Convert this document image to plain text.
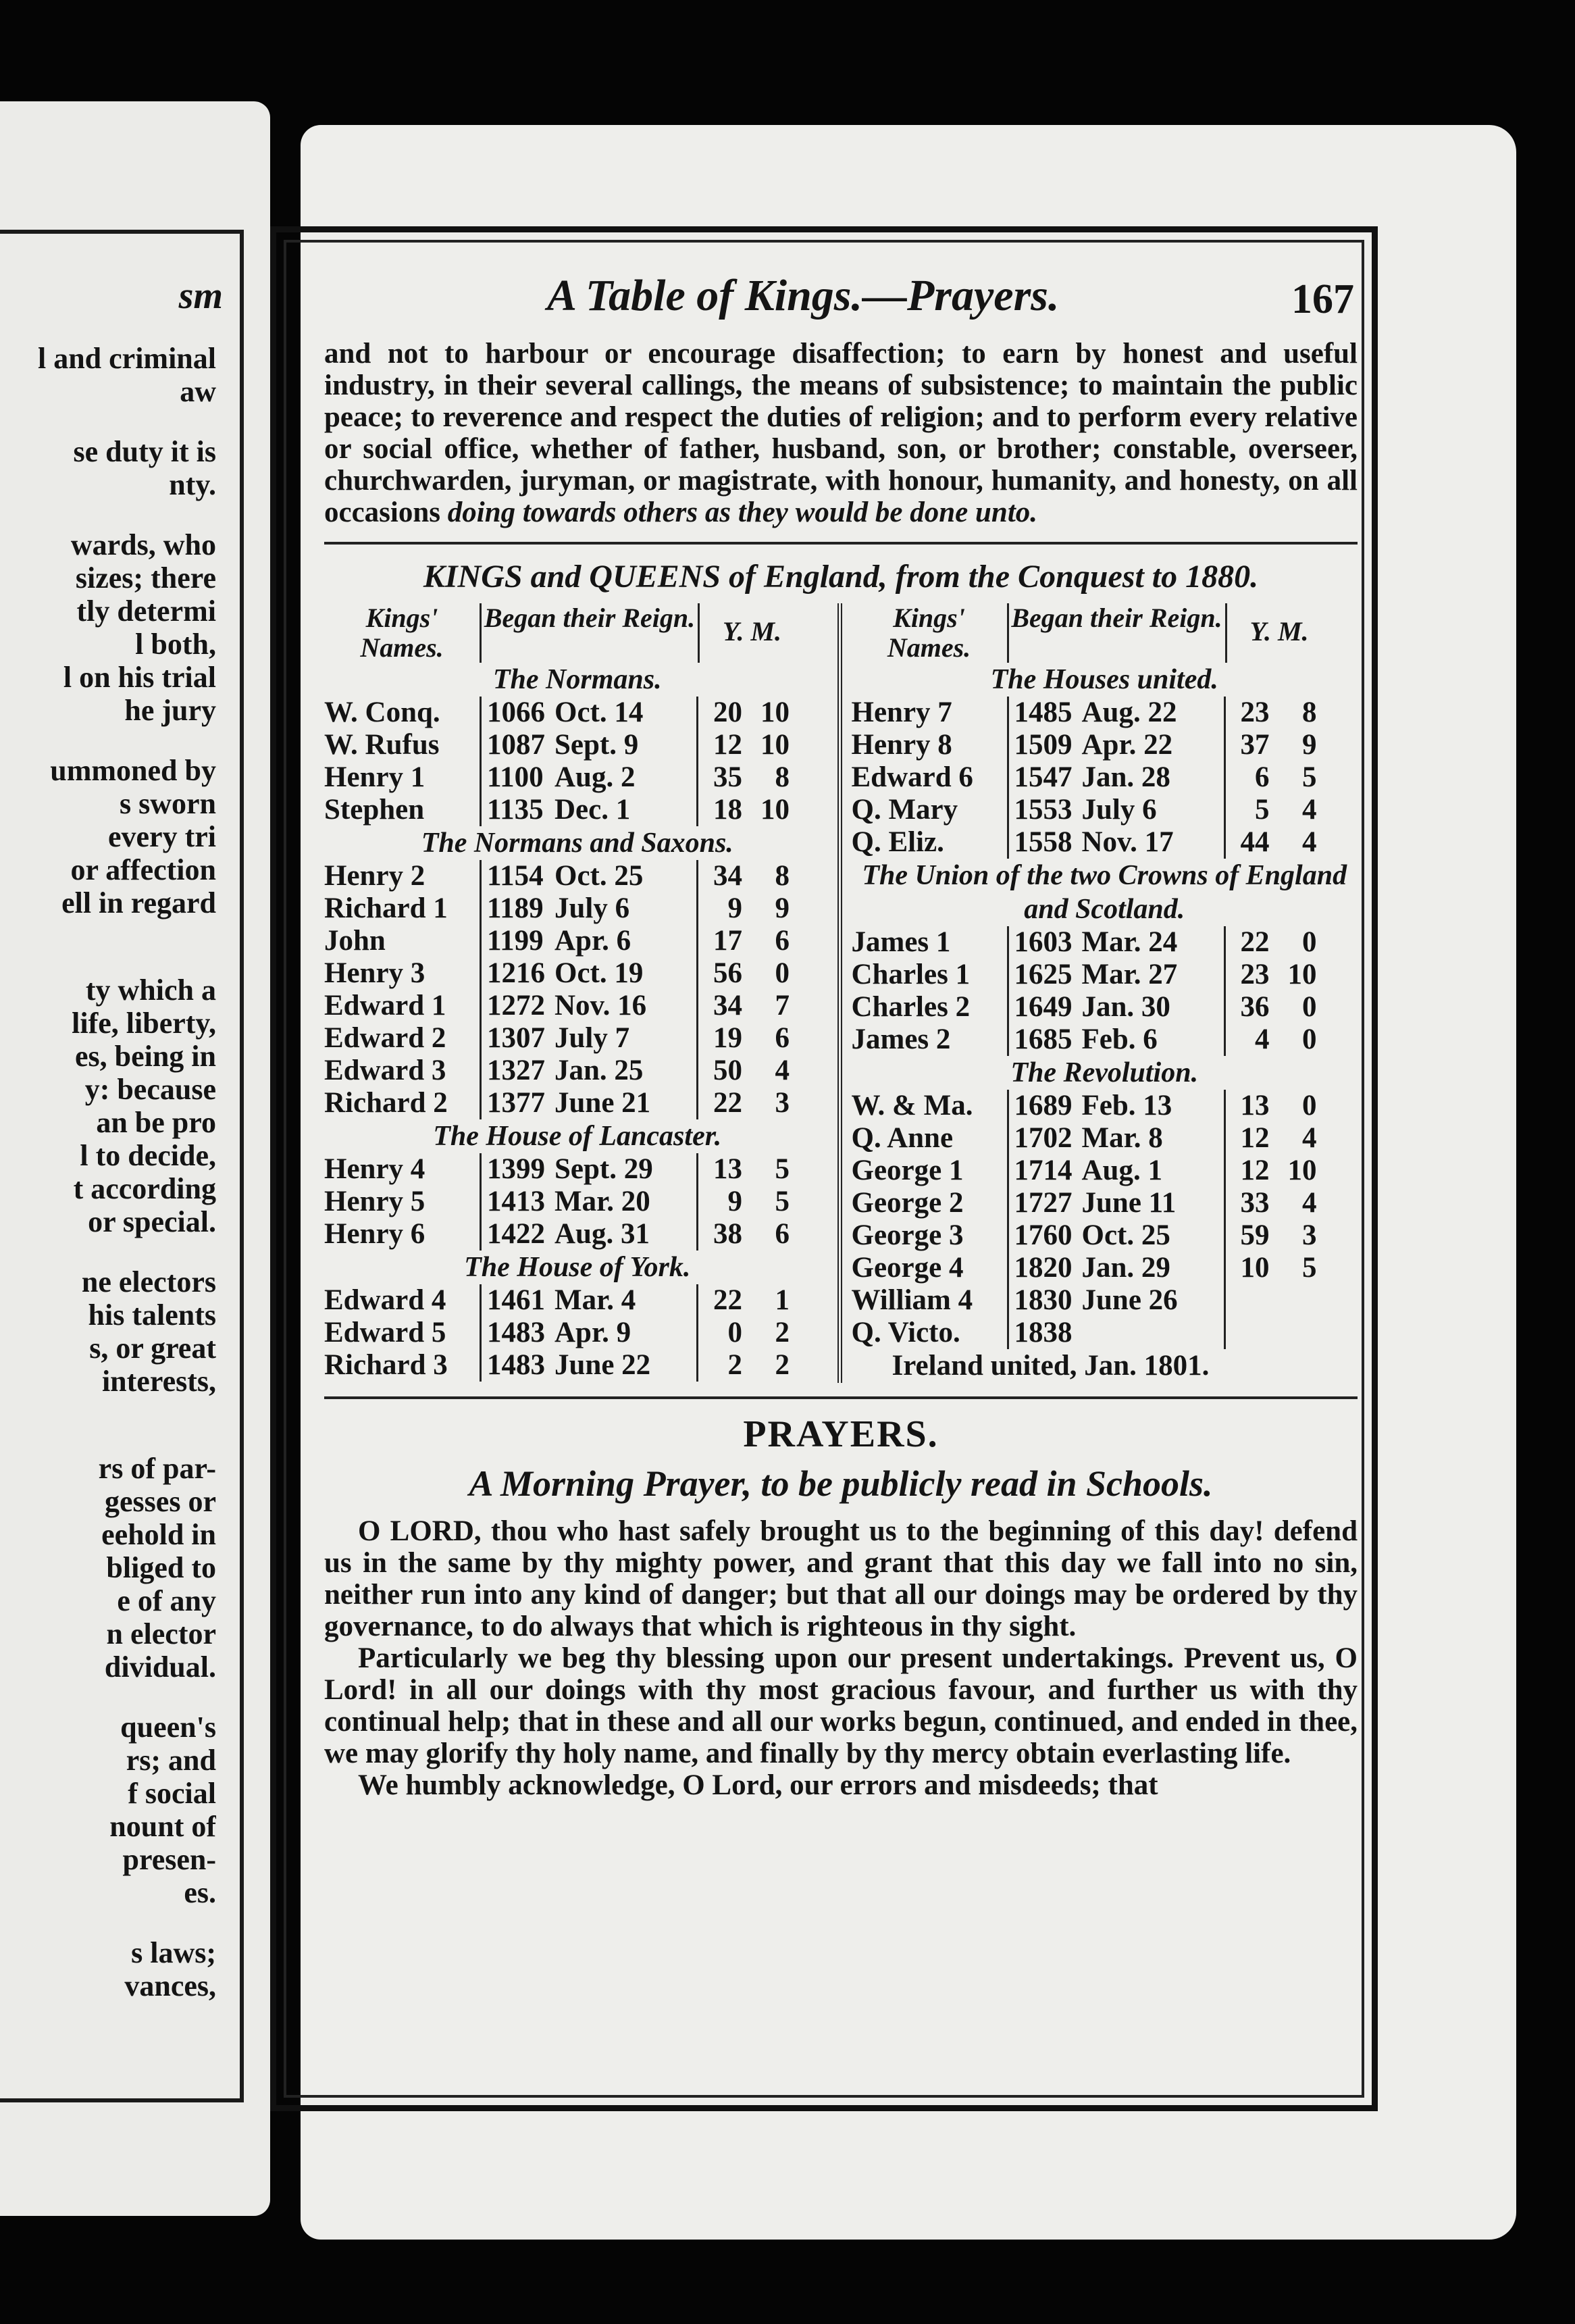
sm
l and criminal
aw
se duty it is
nty.
wards, who
sizes; there
tly determi
l both,
l on his trial
he jury
ummoned by
s sworn
every tri
or affection
ell in regard
ty which a
life, liberty,
es, being in
y: because
an be pro
l to decide,
t according
or special.
ne electors
his talents
s, or great
interests,
rs of par-
gesses or
eehold in
bliged to
e of any
n elector
dividual.
queen's
rs; and
f social
nount of
presen-
es.
s laws;
vances,
A Table of Kings.—Prayers.	167
and not to harbour or encourage disaffection; to earn by honest and useful industry, in their several callings, the means of subsistence; to maintain the public peace; to reverence and respect the duties of religion; and to perform every relative or social office, whether of father, husband, son, or brother; constable, overseer, churchwarden, juryman, or magistrate, with honour, humanity, and honesty, on all occasions doing towards others as they would be done unto.
KINGS and QUEENS of England, from the Conquest to 1880.
Kings' Names.
Began their Reign.	Y. M.
The Normans.
W. Conq.	1066 Oct. 14	20 10
W. Rufus	1087 Sept. 9	12 10
Henry 1	1100 Aug. 2	35	8
Stephen	1135 Dec. 1	18 10
The Normans and Saxons.
Henry 2	1154 Oct. 25	34	8
Richard 1	1189 July 6	9	9
John	1199 Apr. 6	17	6
Henry 3	1216 Oct. 19	56	0
Edward 1	1272 Nov. 16	34	7
Edward 2	1307 July 7	19	6
Edward 3	1327 Jan. 25	50	4
Richard 2	1377 June 21	22	3
The House of Lancaster.
Henry 4	1399 Sept. 29	13	5
Henry 5	1413 Mar. 20	9	5
Henry 6	1422 Aug. 31	38	6
The House of York.
Edward 4	1461 Mar. 4	22	1
Edward 5	1483 Apr. 9	0	2
Richard 3	1483 June 22	2	2
Kings' Names.
Began their Reign.	Y. M.
The Houses united.
Henry 7	1485 Aug. 22	23	8
Henry 8	1509 Apr. 22	37	9
Edward 6	1547 Jan. 28	6	5
Q. Mary	1553 July 6	5	4
Q. Eliz.	1558 Nov. 17	44	4
The Union of the two Crowns of England and Scotland.
James 1	1603 Mar. 24	22	0
Charles 1	1625 Mar. 27	23 10
Charles 2	1649 Jan. 30	36	0
James 2	1685 Feb. 6	4	0
The Revolution.
W. & Ma.	1689 Feb. 13	13	0
Q. Anne	1702 Mar. 8	12	4
George 1	1714 Aug. 1	12 10
George 2	1727 June 11	33	4
George 3	1760 Oct. 25	59	3
George 4	1820 Jan. 29	10	5
William 4	1830 June 26
Q. Victo.	1838
Ireland united, Jan. 1801.
PRAYERS.
A Morning Prayer, to be publicly read in Schools.

O LORD, thou who hast safely brought us to the beginning of this day! defend us in the same by thy mighty power, and grant that this day we fall into no sin, neither run into any kind of danger; but that all our doings may be ordered by thy governance, to do always that which is righteous in thy sight.

Particularly we beg thy blessing upon our present undertakings. Prevent us, O Lord! in all our doings with thy most gracious favour, and further us with thy continual help; that in these and all our works begun, continued, and ended in thee, we may glorify thy holy name, and finally by thy mercy obtain everlasting life.

We humbly acknowledge, O Lord, our errors and misdeeds; that
